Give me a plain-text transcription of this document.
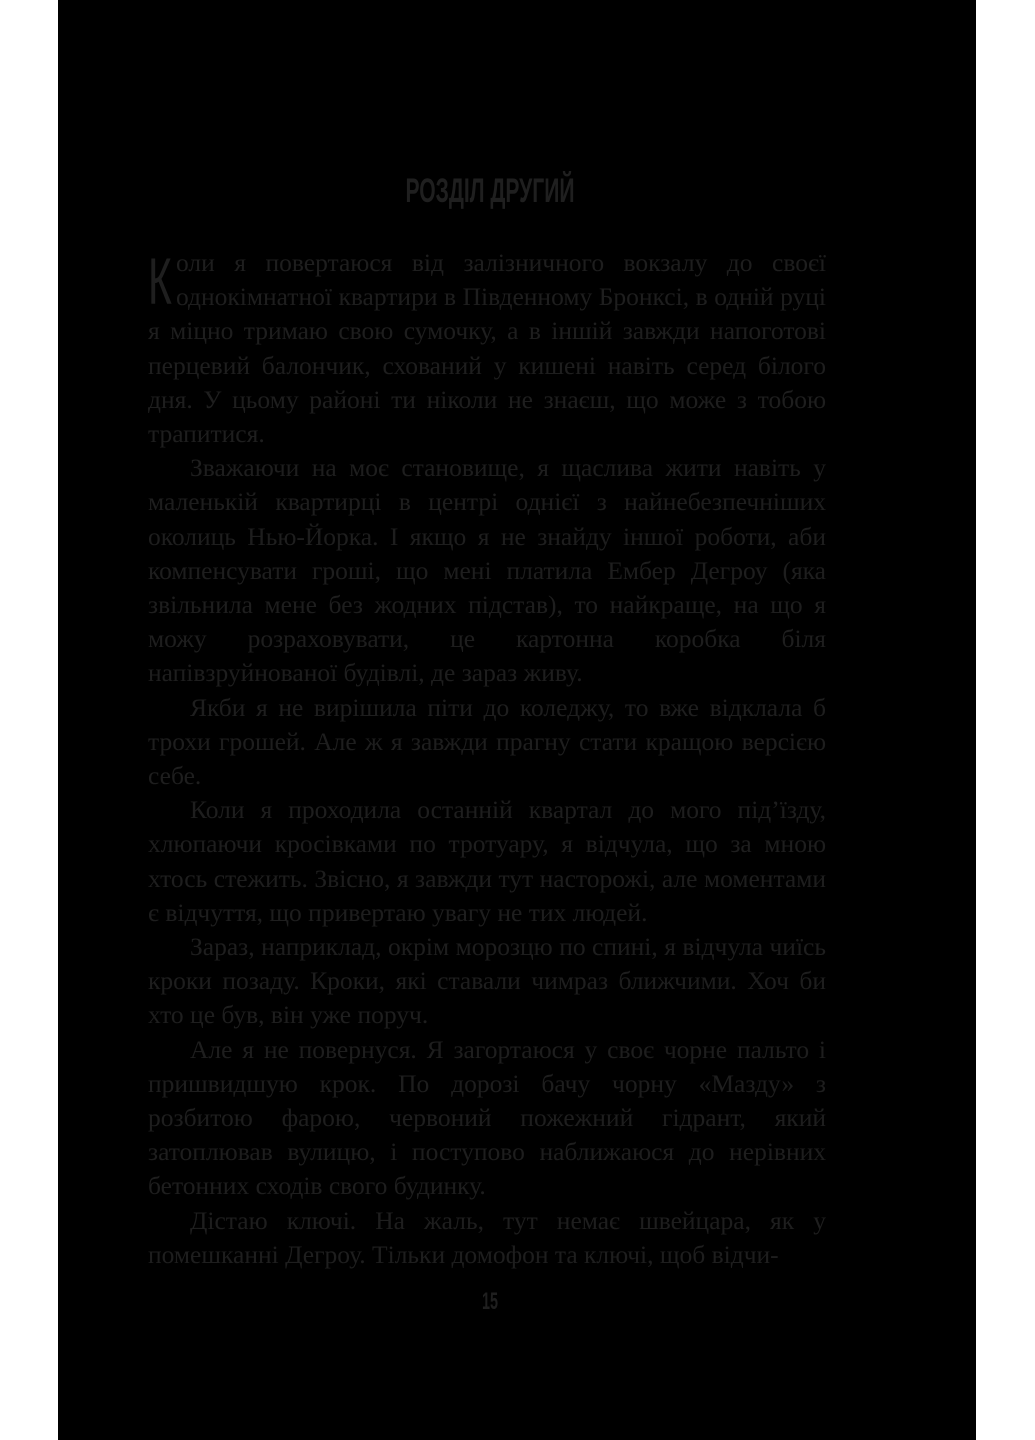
РОЗДІЛ ДРУГИЙ

Коли я повертаюся від залізничного вокзалу до своєї однокімнатної квартири в Південному Бронксі, в одній руці я міцно тримаю свою сумочку, а в іншій завжди напоготові перцевий балончик, схований у кишені навіть серед білого дня. У цьому районі ти ніколи не знаєш, що може з тобою трапитися.

Зважаючи на моє становище, я щаслива жити навіть у маленькій квартирці в центрі однієї з найнебезпечніших околиць Нью-Йорка. І якщо я не знайду іншої роботи, аби компенсувати гроші, що мені платила Ембер Дегроу (яка звільнила мене без жодних підстав), то найкраще, на що я можу розраховувати, це картонна коробка біля напівзруйнованої будівлі, де зараз живу.

Якби я не вирішила піти до коледжу, то вже відклала б трохи грошей. Але ж я завжди прагну стати кращою версією себе.

Коли я проходила останній квартал до мого під’їзду, хлюпаючи кросівками по тротуару, я відчула, що за мною хтось стежить. Звісно, я завжди тут насторожі, але моментами є відчуття, що привертаю увагу не тих людей.

Зараз, наприклад, окрім морозцю по спині, я відчула чиїсь кроки позаду. Кроки, які ставали чимраз ближчими. Хоч би хто це був, він уже поруч.

Але я не повернуся. Я загортаюся у своє чорне пальто і пришвидшую крок. По дорозі бачу чорну «Мазду» з розбитою фарою, червоний пожежний гідрант, який затоплював вулицю, і поступово наближаюся до нерівних бетонних сходів свого будинку.

Дістаю ключі. На жаль, тут немає швейцара, як у помешканні Дегроу. Тільки домофон та ключі, щоб відчи-

15
